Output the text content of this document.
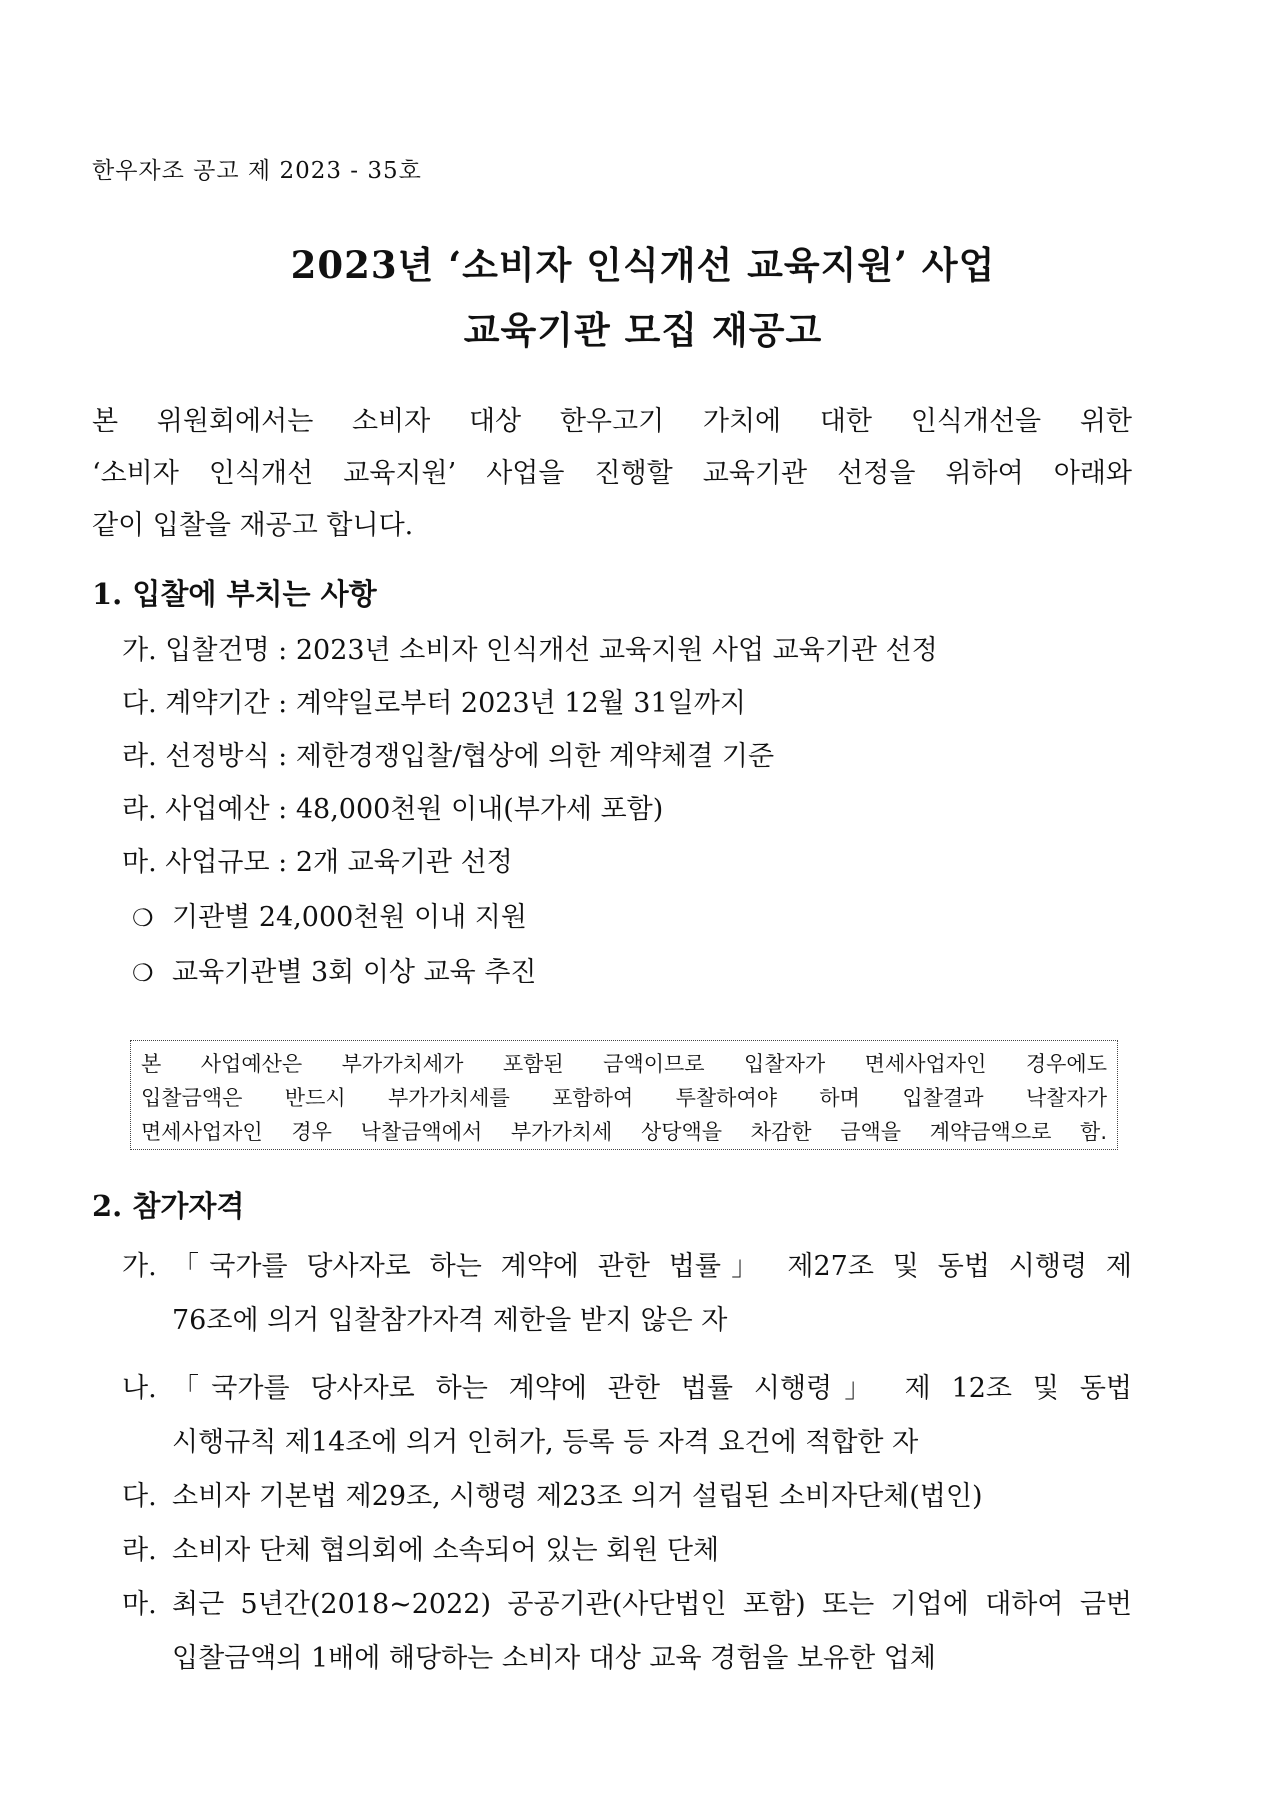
한우자조 공고 제 2023 - 35호
2023년 ‘소비자 인식개선 교육지원’ 사업
교육기관 모집 재공고

본 위원회에서는 소비자 대상 한우고기 가치에 대한 인식개선을 위한

‘소비자 인식개선 교육지원’ 사업을 진행할 교육기관 선정을 위하여 아래와

같이 입찰을 재공고 합니다.

1. 입찰에 부치는 사항
가. 입찰건명 : 2023년 소비자 인식개선 교육지원 사업 교육기관 선정
다. 계약기간 : 계약일로부터 2023년 12월 31일까지
라. 선정방식 : 제한경쟁입찰/협상에 의한 계약체결 기준
라. 사업예산 : 48,000천원 이내(부가세 포함)
마. 사업규모 : 2개 교육기관 선정
❍ 기관별 24,000천원 이내 지원
❍ 교육기관별 3회 이상 교육 추진

본 사업예산은 부가가치세가 포함된 금액이므로 입찰자가 면세사업자인 경우에도

입찰금액은 반드시 부가가치세를 포함하여 투찰하여야 하며 입찰결과 낙찰자가

면세사업자인 경우 낙찰금액에서 부가가치세 상당액을 차감한 금액을 계약금액으로 함.

2. 참가자격
가. 「국가를 당사자로 하는 계약에 관한 법률」 제27조 및 동법 시행령 제
76조에 의거 입찰참가자격 제한을 받지 않은 자
나. 「국가를 당사자로 하는 계약에 관한 법률 시행령」 제 12조 및 동법
시행규칙 제14조에 의거 인허가, 등록 등 자격 요건에 적합한 자
다. 소비자 기본법 제29조, 시행령 제23조 의거 설립된 소비자단체(법인)
라. 소비자 단체 협의회에 소속되어 있는 회원 단체
마. 최근 5년간(2018~2022) 공공기관(사단법인 포함) 또는 기업에 대하여 금번
입찰금액의 1배에 해당하는 소비자 대상 교육 경험을 보유한 업체
